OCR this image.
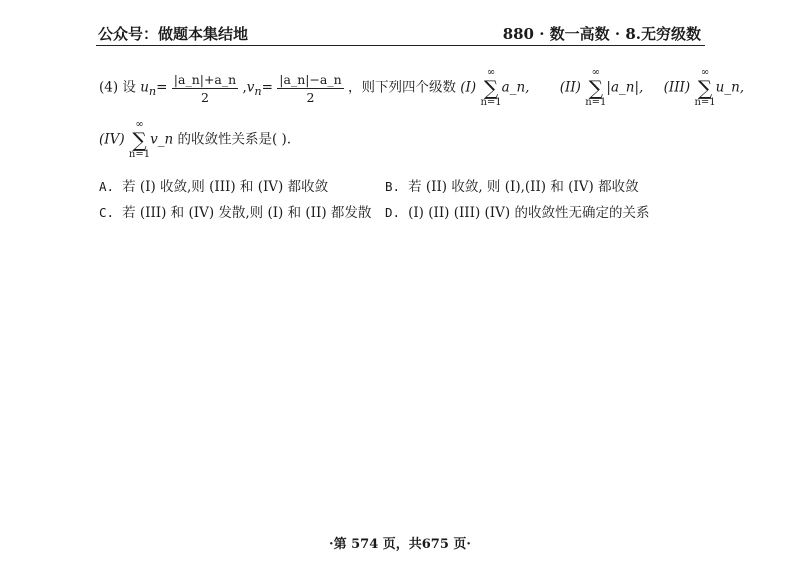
公众号：做题本集结地	880 · 数一高数 · 8.无穷级数
(4) 设 $u_n= \frac{|a\_n|+a\_n}{2} ,v_n= \frac{|a\_n|-a\_n}{2}$ ，则下列四个级数 (I) ∞
∑
n=1a_n, (II) ∞
∑
n=1|a_n|, (III) ∞
∑
n=1u_n,
(IV) ∞
∑
n=1v_n 的收敛性关系是( ).
A. 若 (I) 收敛,则 (III) 和 (IV) 都收敛	B. 若 (II) 收敛, 则 (I),(II) 和 (IV) 都收敛
C. 若 (III) 和 (IV) 发散,则 (I) 和 (II) 都发散 D. (I) (II) (III) (IV) 的收敛性无确定的关系
·第 574 页，共675 页·
